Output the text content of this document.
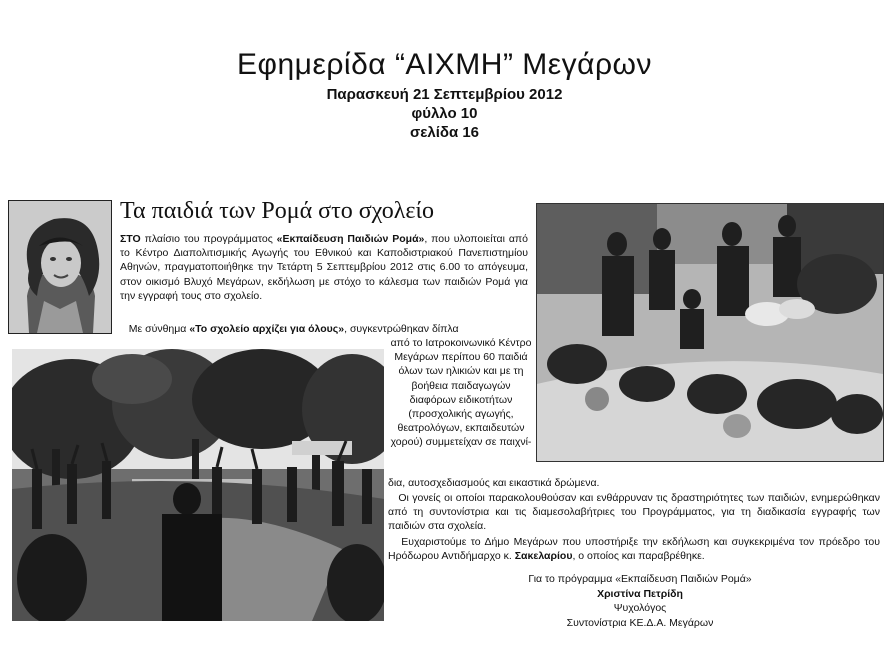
Εφημερίδα “ΑΙΧΜΗ” Μεγάρων
Παρασκευή 21 Σεπτεμβρίου 2012
φύλλο 10
σελίδα 16
Τα παιδιά των Ρομά στο σχολείο

ΣΤΟ πλαίσιο του προγράμματος «Εκπαίδευση Παιδιών Ρομά», που υλοποιείται από το Κέντρο Διαπολιτισμικής Αγωγής του Εθνικού και Καποδιστριακού Πανεπιστημίου Αθηνών, πραγματοποιήθηκε την Τετάρτη 5 Σεπτεμβρίου 2012 στις 6.00 το απόγευμα, στον οικισμό Βλυχό Μεγάρων, εκδήλωση με στόχο το κάλεσμα των παιδιών Ρομά για την εγγραφή τους στο σχολείο.

Με σύνθημα «Το σχολείο αρχίζει για όλους», συγκεντρώθηκαν δίπλα

από το Ιατροκοινωνικό Κέντρο Μεγάρων περίπου 60 παιδιά όλων των ηλικιών και με τη βοήθεια παιδαγωγών διαφόρων ειδικοτήτων (προσχολικής αγωγής, θεατρολόγων, εκπαιδευτών χορού) συμμετείχαν σε παιχνί-

δια, αυτοσχεδιασμούς και εικαστικά δρώμενα.

Οι γονείς οι οποίοι παρακολουθούσαν και ενθάρρυναν τις δραστηριότητες των παιδιών, ενημερώθηκαν από τη συντονίστρια και τις διαμεσολαβήτριες του Προγράμματος, για τη διαδικασία εγγραφής των παιδιών στα σχολεία.

Ευχαριστούμε το Δήμο Μεγάρων που υποστήριξε την εκδήλωση και συγκεκριμένα τον πρόεδρο του Ηρόδωρου Αντιδήμαρχο κ. Σακελαρίου, ο οποίος και παραβρέθηκε.

Για το πρόγραμμα «Εκπαίδευση Παιδιών Ρομά»
Χριστίνα Πετρίδη
Ψυχολόγος
Συντονίστρια ΚΕ.Δ.Α. Μεγάρων
